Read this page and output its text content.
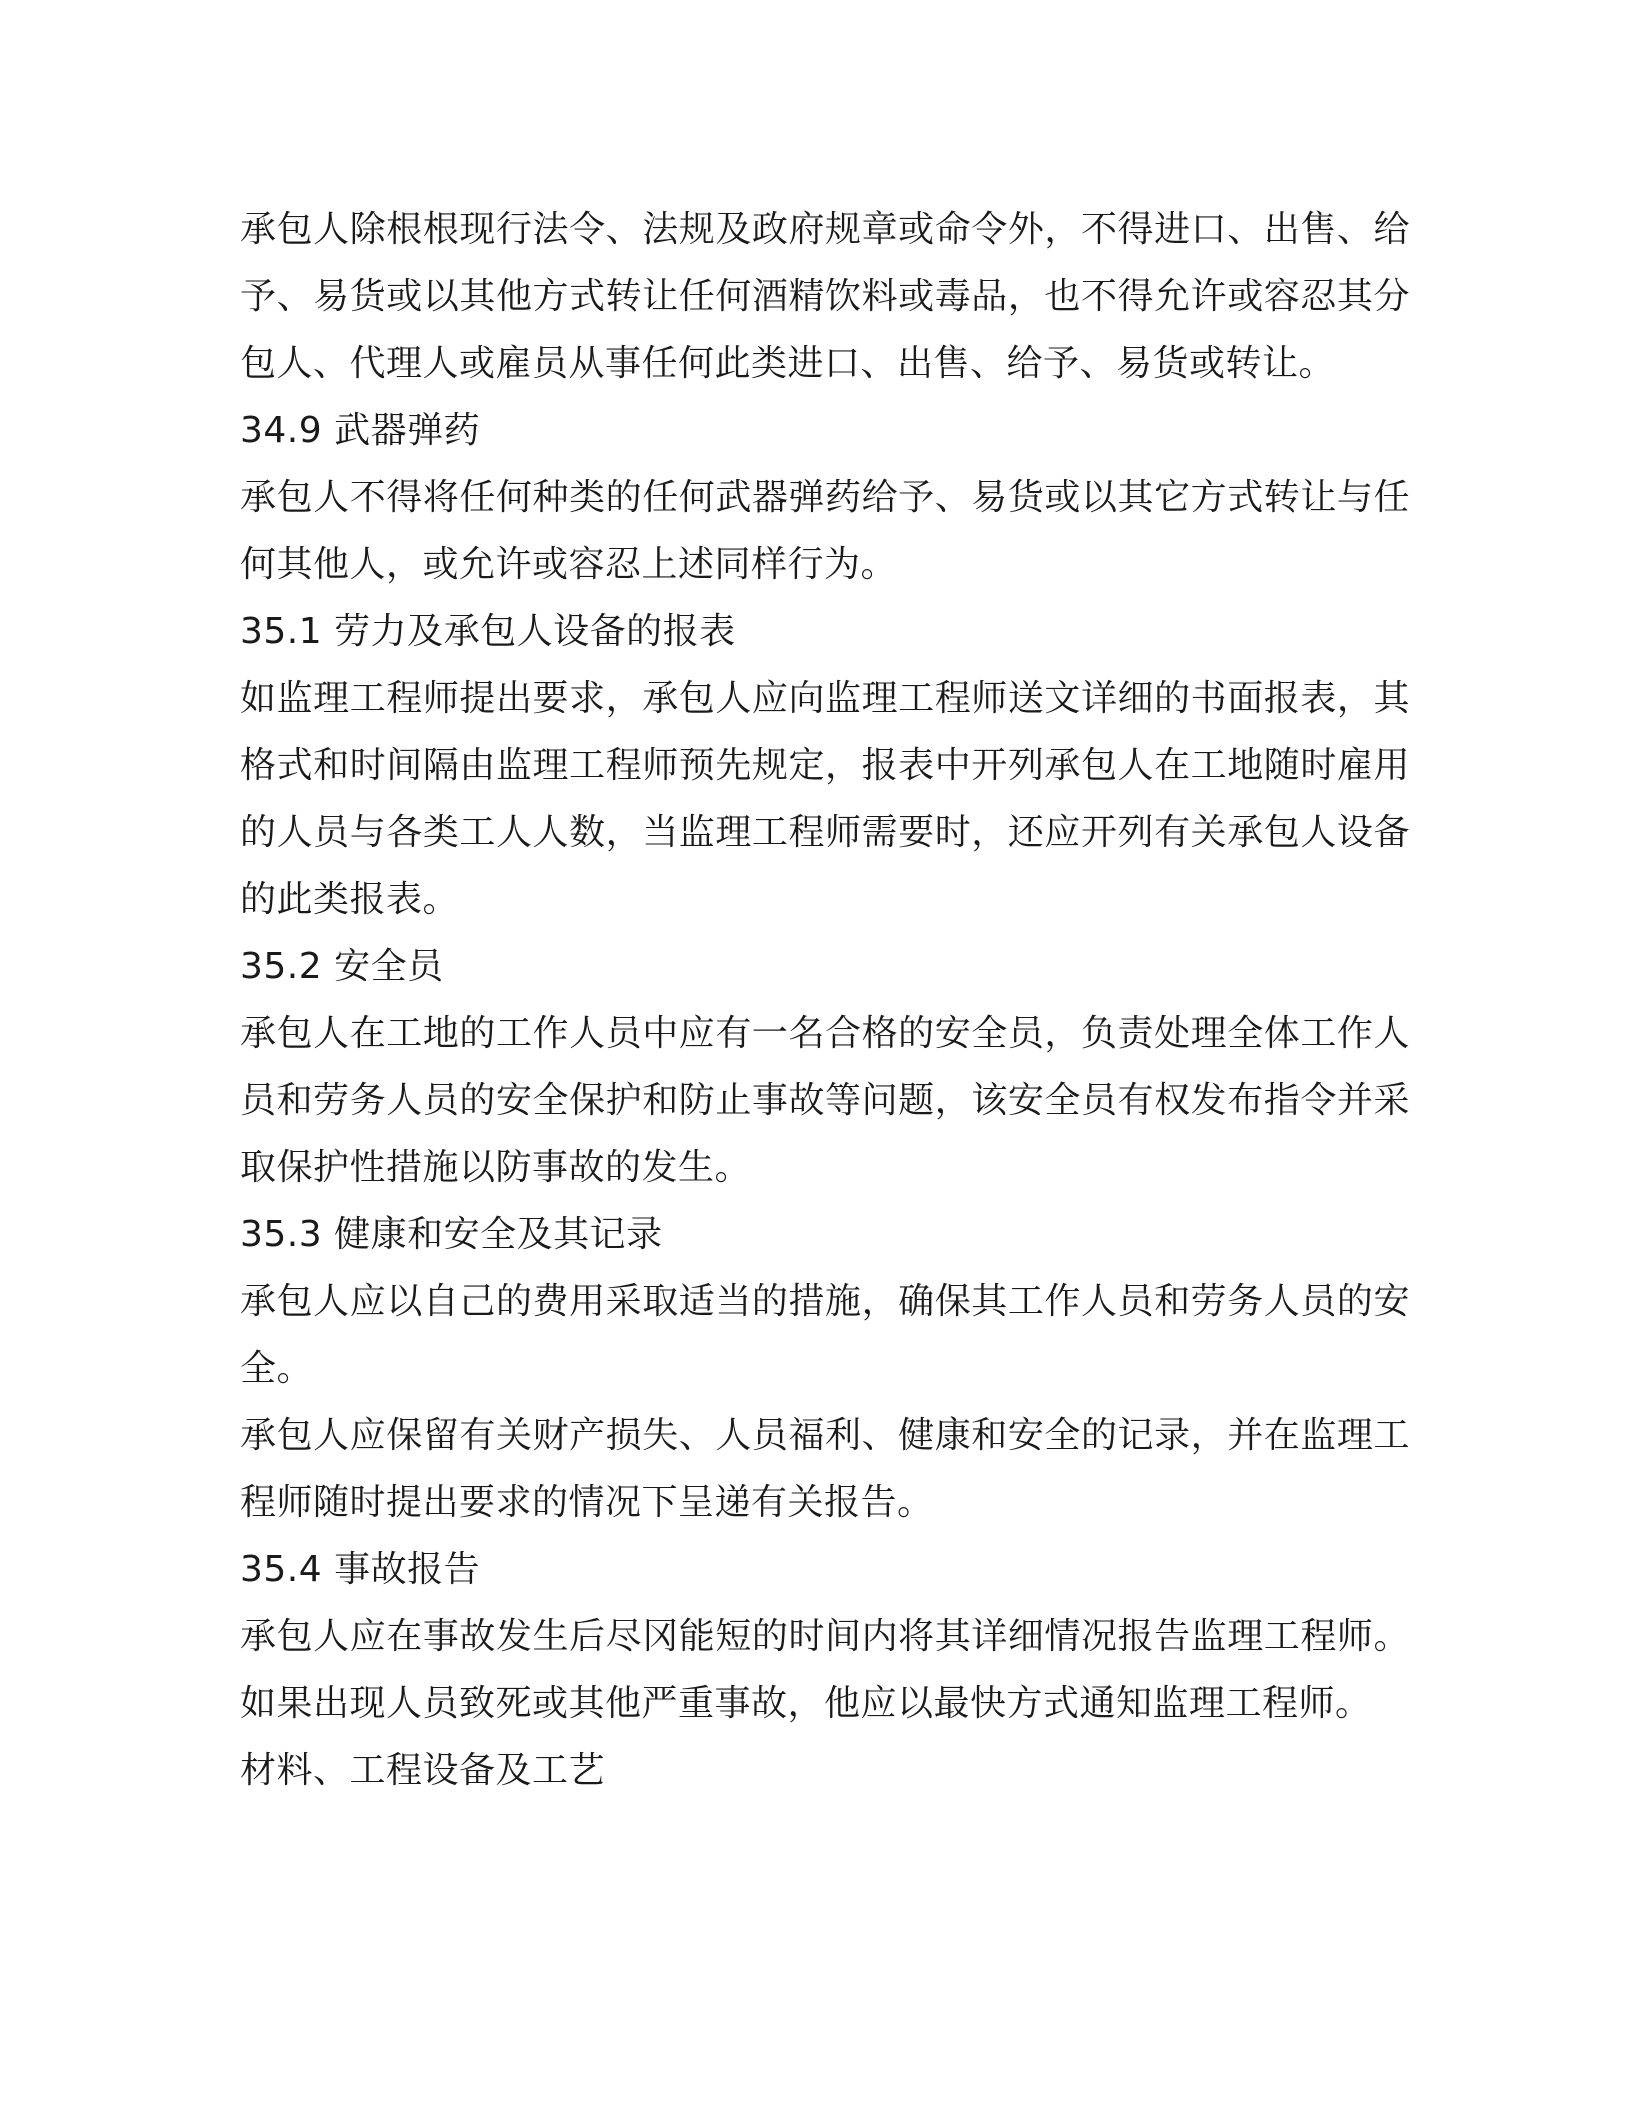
承包人除根根现行法令、法规及政府规章或命令外，不得进口、出售、给予、易货或以其他方式转让任何酒精饮料或毒品，也不得允许或容忍其分包人、代理人或雇员从事任何此类进口、出售、给予、易货或转让。

34.9 武器弹药

承包人不得将任何种类的任何武器弹药给予、易货或以其它方式转让与任何其他人，或允许或容忍上述同样行为。

35.1 劳力及承包人设备的报表

如监理工程师提出要求，承包人应向监理工程师送文详细的书面报表，其格式和时间隔由监理工程师预先规定，报表中开列承包人在工地随时雇用的人员与各类工人人数，当监理工程师需要时，还应开列有关承包人设备的此类报表。

35.2 安全员

承包人在工地的工作人员中应有一名合格的安全员，负责处理全体工作人员和劳务人员的安全保护和防止事故等问题，该安全员有权发布指令并采取保护性措施以防事故的发生。

35.3 健康和安全及其记录

承包人应以自己的费用采取适当的措施，确保其工作人员和劳务人员的安全。

承包人应保留有关财产损失、人员福利、健康和安全的记录，并在监理工程师随时提出要求的情况下呈递有关报告。

35.4 事故报告

承包人应在事故发生后尽冈能短的时间内将其详细情况报告监理工程师。如果出现人员致死或其他严重事故，他应以最快方式通知监理工程师。

材料、工程设备及工艺
